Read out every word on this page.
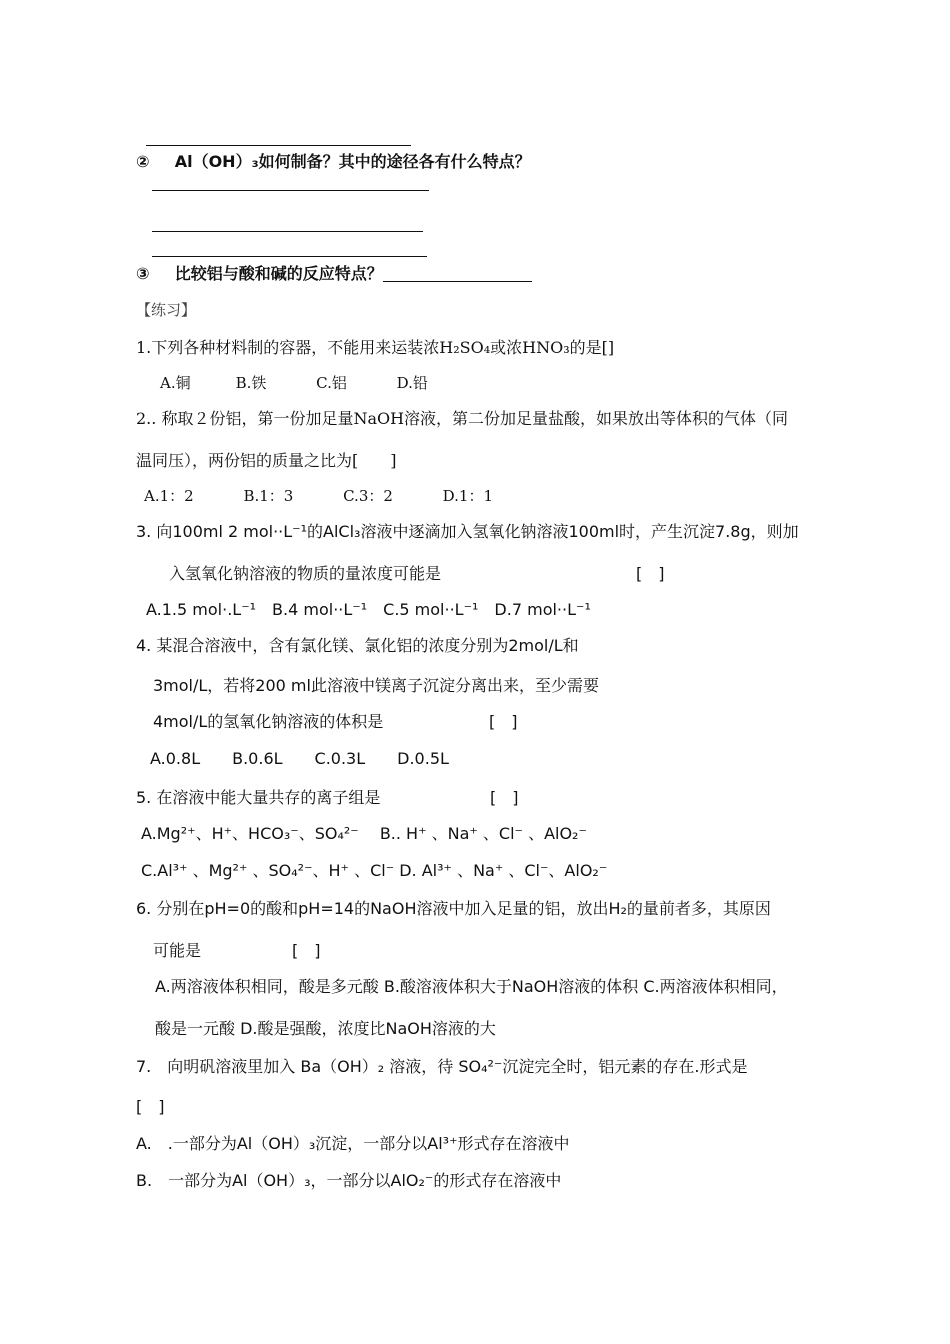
② Al（OH）₃如何制备？其中的途径各有什么特点？
③ 比较铝与酸和碱的反应特点？
【练习】
1.下列各种材料制的容器，不能用来运装浓H₂SO₄或浓HNO₃的是[]
A.铜　　　B.铁　　　 C.铝　　　 D.铅
2.. 称取２份铝，第一份加足量NaOH溶液，第二份加足量盐酸，如果放出等体积的气体（同
温同压），两份铝的质量之比为[　　]
A.1：2　　　 B.1：3　　　 C.3：2　　　 D.1：1
3. 向100ml 2 mol··L⁻¹的AlCl₃溶液中逐滴加入氢氧化钠溶液100ml时，产生沉淀7.8g，则加
入氢氧化钠溶液的物质的量浓度可能是	[　]
A.1.5 mol·.L⁻¹　B.4 mol··L⁻¹　C.5 mol··L⁻¹　D.7 mol··L⁻¹
4. 某混合溶液中，含有氯化镁、氯化铝的浓度分别为2mol/L和
3mol/L，若将200 ml此溶液中镁离子沉淀分离出来，至少需要
4mol/L的氢氧化钠溶液的体积是	[　]
A.0.8L　　B.0.6L　　C.0.3L　　D.0.5L
5. 在溶液中能大量共存的离子组是	[　]
A.Mg²⁺、H⁺、HCO₃⁻、SO₄²⁻　 B.. H⁺ 、Na⁺ 、Cl⁻ 、AlO₂⁻
C.Al³⁺ 、Mg²⁺ 、SO₄²⁻、H⁺ 、Cl⁻ D. Al³⁺ 、Na⁺ 、Cl⁻、AlO₂⁻
6. 分别在pH=0的酸和pH=14的NaOH溶液中加入足量的铝，放出H₂的量前者多，其原因
可能是	[　]
A.两溶液体积相同，酸是多元酸 B.酸溶液体积大于NaOH溶液的体积 C.两溶液体积相同，
酸是一元酸 D.酸是强酸，浓度比NaOH溶液的大
7.　向明矾溶液里加入 Ba（OH）₂ 溶液，待 SO₄²⁻沉淀完全时，铝元素的存在.形式是
[　]
A.　.一部分为Al（OH）₃沉淀，一部分以Al³⁺形式存在溶液中
B.　一部分为Al（OH）₃，一部分以AlO₂⁻的形式存在溶液中
